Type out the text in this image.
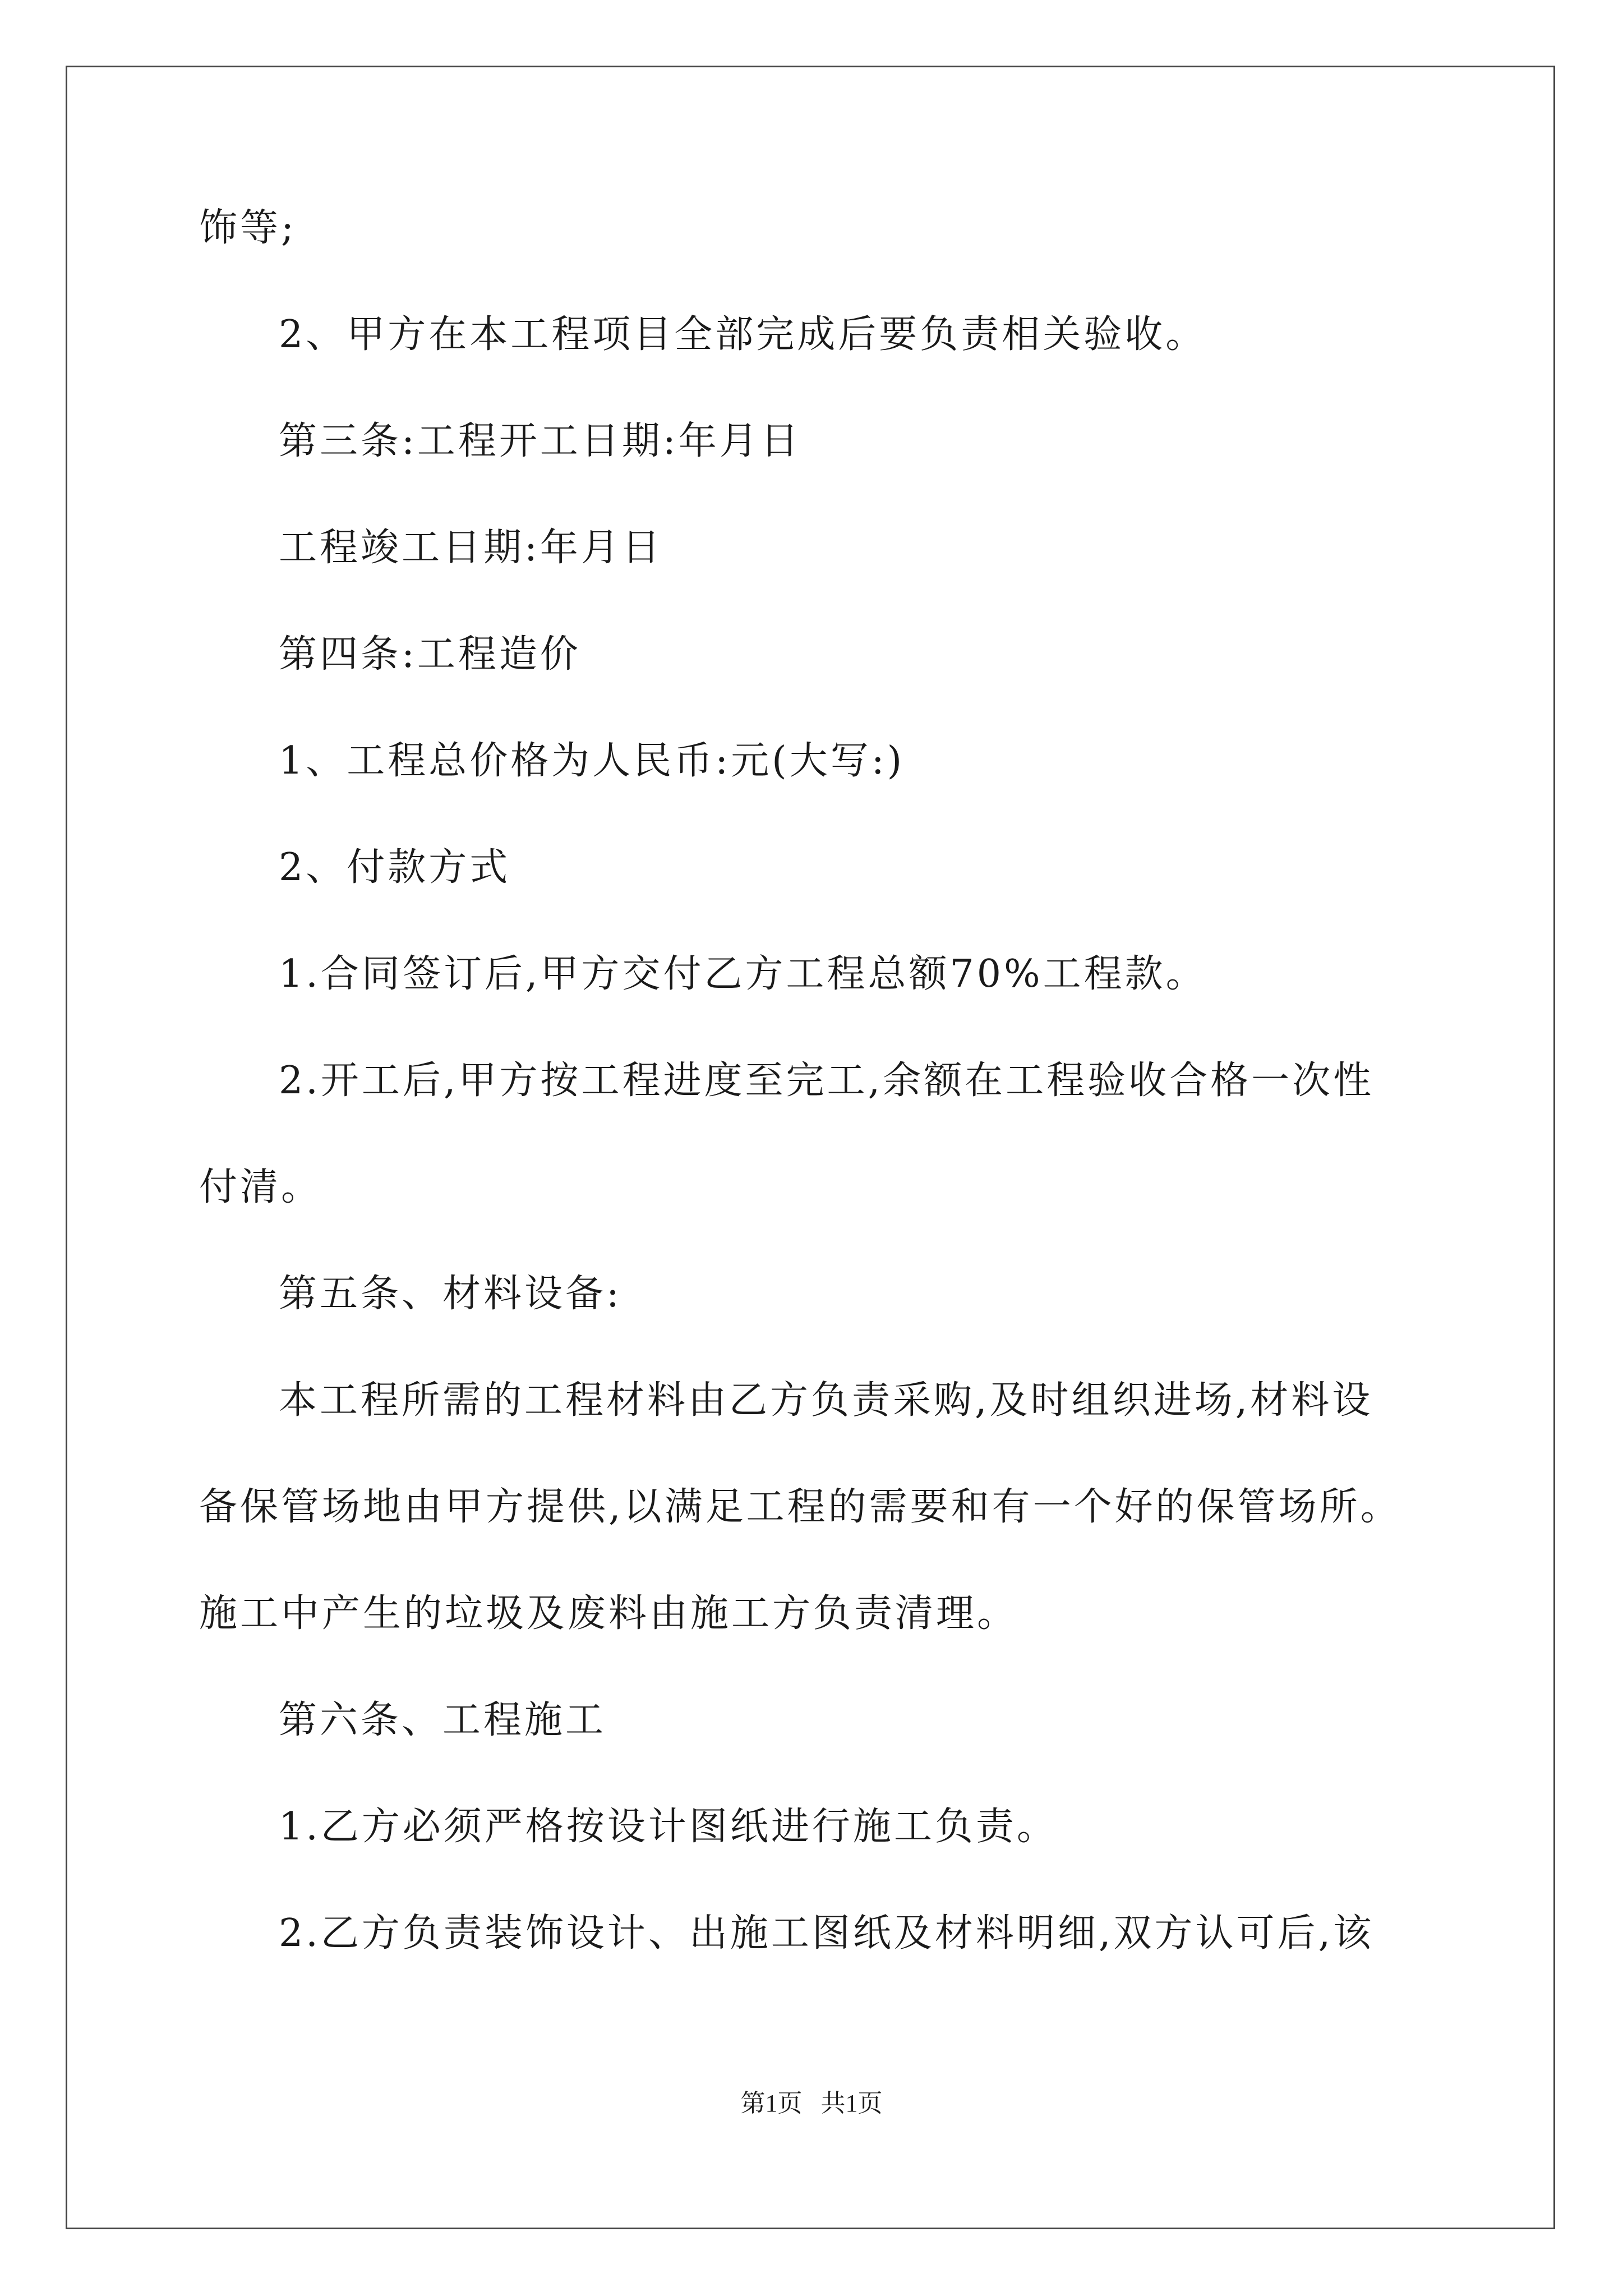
饰等;
2、甲方在本工程项目全部完成后要负责相关验收。
第三条:工程开工日期:年月日
工程竣工日期:年月日
第四条:工程造价
1、工程总价格为人民币:元(大写:)
2、付款方式
1.合同签订后,甲方交付乙方工程总额70%工程款。
2.开工后,甲方按工程进度至完工,余额在工程验收合格一次性
付清。
第五条、材料设备:
本工程所需的工程材料由乙方负责采购,及时组织进场,材料设
备保管场地由甲方提供,以满足工程的需要和有一个好的保管场所。
施工中产生的垃圾及废料由施工方负责清理。
第六条、工程施工
1.乙方必须严格按设计图纸进行施工负责。
2.乙方负责装饰设计、出施工图纸及材料明细,双方认可后,该
第1页   共1页
